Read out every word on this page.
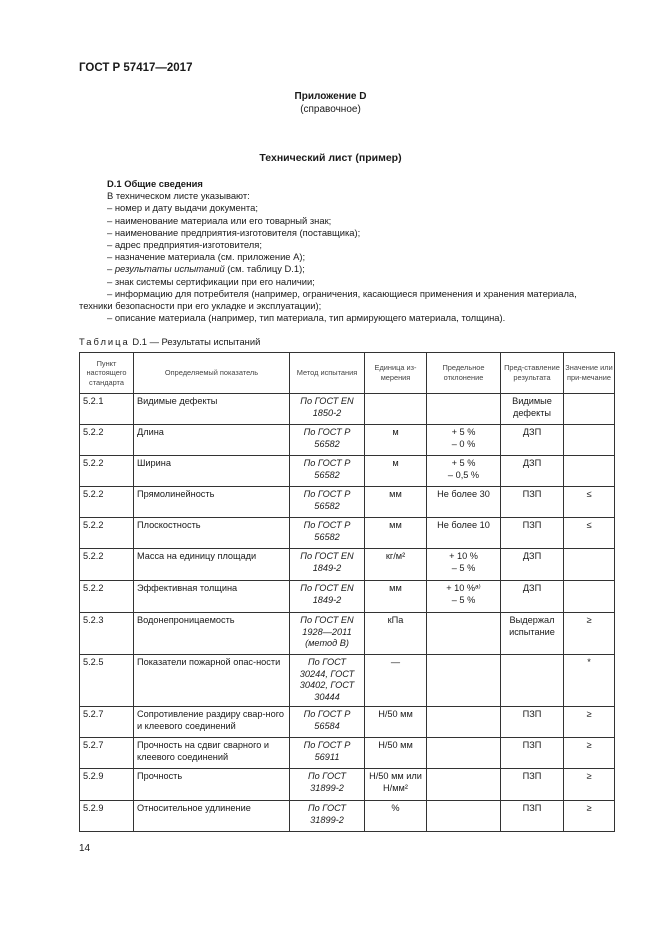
ГОСТ Р 57417—2017
Приложение D
(справочное)
Технический лист (пример)
D.1 Общие сведения
В техническом листе указывают:
– номер и дату выдачи документа;
– наименование материала или его товарный знак;
– наименование предприятия-изготовителя (поставщика);
– адрес предприятия-изготовителя;
– назначение материала (см. приложение А);
– результаты испытаний (см. таблицу D.1);
– знак системы сертификации при его наличии;
– информацию для потребителя (например, ограничения, касающиеся применения и хранения материала,
техники безопасности при его укладке и эксплуатации);
– описание материала (например, тип материала, тип армирующего материала, толщина).
Таблица D.1 — Результаты испытаний
Пункт настоящего стандарта	Определяемый показатель	Метод испытания	Единица из-мерения	Предельное отклонение	Пред-ставление результата	Значение или при-мечание
5.2.1	Видимые дефекты	По ГОСТ EN 1850-2			Видимые дефекты	
5.2.2	Длина	По ГОСТ Р 56582	м	+ 5 %
– 0 %	ДЗП	
5.2.2	Ширина	По ГОСТ Р 56582	м	+ 5 %
– 0,5 %	ДЗП	
5.2.2	Прямолинейность	По ГОСТ Р 56582	мм	Не более 30	ПЗП	≤
5.2.2	Плоскостность	По ГОСТ Р 56582	мм	Не более 10	ПЗП	≤
5.2.2	Масса на единицу площади	По ГОСТ EN 1849-2	кг/м²	+ 10 %
– 5 %	ДЗП	
5.2.2	Эффективная толщина	По ГОСТ EN 1849-2	мм	+ 10 %ᵃ⁾
– 5 %	ДЗП	
5.2.3	Водонепроницаемость	По ГОСТ EN 1928—2011 (метод В)	кПа		Выдержал испытание	≥
5.2.5	Показатели пожарной опас-ности	По ГОСТ 30244, ГОСТ 30402, ГОСТ 30444	—			*
5.2.7	Сопротивление раздиру свар-ного и клеевого соединений	По ГОСТ Р 56584	Н/50 мм		ПЗП	≥
5.2.7	Прочность на сдвиг сварного и клеевого соединений	По ГОСТ Р 56911	Н/50 мм		ПЗП	≥
5.2.9	Прочность	По ГОСТ 31899-2	Н/50 мм или Н/мм²		ПЗП	≥
5.2.9	Относительное удлинение	По ГОСТ 31899-2	%		ПЗП	≥
14
